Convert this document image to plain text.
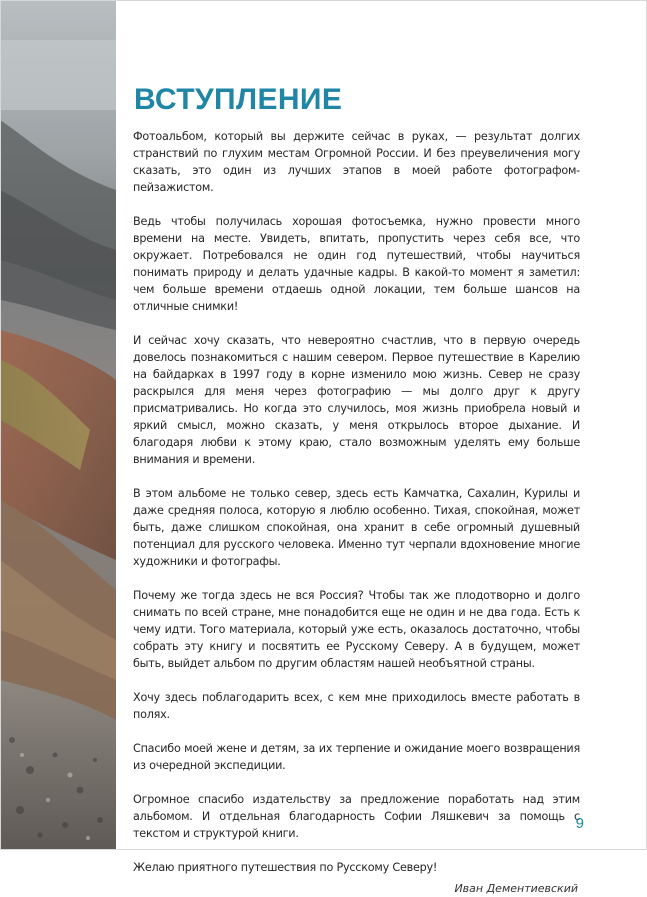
ВСТУПЛЕНИЕ

Фотоальбом, который вы держите сейчас в руках, — результат долгих странствий по глухим местам Огромной России. И без преувеличения могу сказать, это один из лучших этапов в моей работе фотографом-пейзажистом.

Ведь чтобы получилась хорошая фотосъемка, нужно провести много времени на месте. Увидеть, впитать, пропустить через себя все, что окружает. Потребовался не один год путешествий, чтобы научиться понимать природу и делать удачные кадры. В какой-то момент я заметил: чем больше времени отдаешь одной локации, тем больше шансов на отличные снимки!

И сейчас хочу сказать, что невероятно счастлив, что в первую очередь довелось познакомиться с нашим севером. Первое путешествие в Карелию на байдарках в 1997 году в корне изменило мою жизнь. Север не сразу раскрылся для меня через фотографию — мы долго друг к другу присматривались. Но когда это случилось, моя жизнь приобрела новый и яркий смысл, можно сказать, у меня открылось второе дыхание. И благодаря любви к этому краю, стало возможным уделять ему больше внимания и времени.

В этом альбоме не только север, здесь есть Камчатка, Сахалин, Курилы и даже средняя полоса, которую я люблю особенно. Тихая, спокойная, может быть, даже слишком спокойная, она хранит в себе огромный душевный потенциал для русского человека. Именно тут черпали вдохновение многие художники и фотографы.

Почему же тогда здесь не вся Россия? Чтобы так же плодотворно и долго снимать по всей стране, мне понадобится еще не один и не два года. Есть к чему идти. Того материала, который уже есть, оказалось достаточно, чтобы собрать эту книгу и посвятить ее Русскому Северу. А в будущем, может быть, выйдет альбом по другим областям нашей необъятной страны.

Хочу здесь поблагодарить всех, с кем мне приходилось вместе работать в полях.

Спасибо моей жене и детям, за их терпение и ожидание моего возвращения из очередной экспедиции.

Огромное спасибо издательству за предложение поработать над этим альбомом. И отдельная благодарность Софии Ляшкевич за помощь с текстом и структурой книги.

Желаю приятного путешествия по Русскому Северу!

Иван Дементиевский

9
